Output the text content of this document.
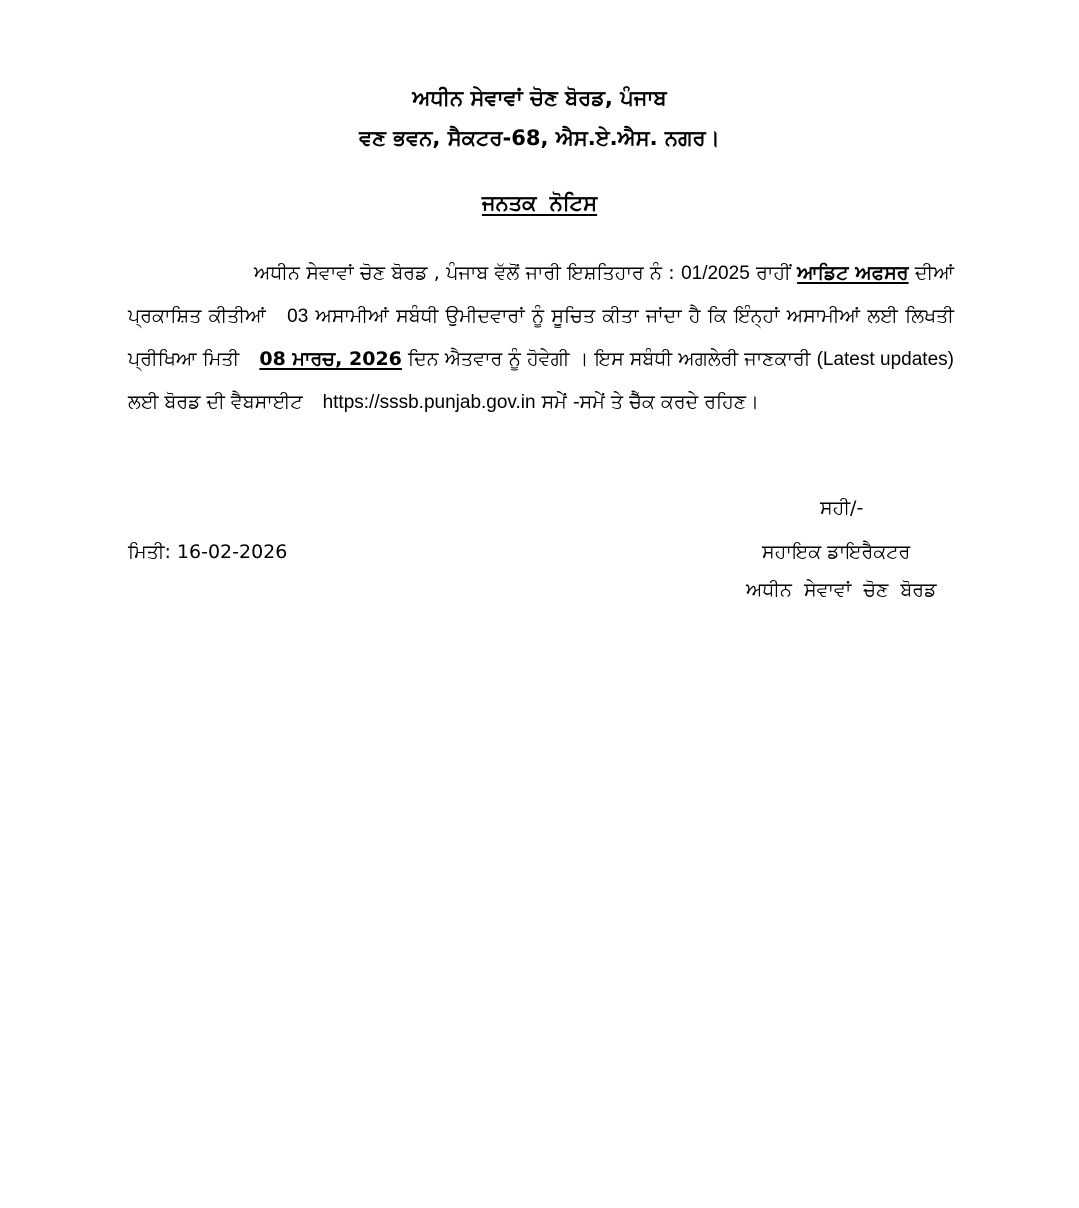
ਅਧੀਨ ਸੇਵਾਵਾਂ ਚੋਣ ਬੋਰਡ, ਪੰਜਾਬ
ਵਣ ਭਵਨ, ਸੈਕਟਰ-68, ਐਸ.ਏ.ਐਸ. ਨਗਰ।
ਜਨਤਕ ਨੋਟਿਸ
ਅਧੀਨ ਸੇਵਾਵਾਂ ਚੋਣ ਬੋਰਡ , ਪੰਜਾਬ ਵੱਲੋਂ ਜਾਰੀ ਇਸ਼ਤਿਹਾਰ ਨੰ : 01/2025 ਰਾਹੀਂ ਆਡਿਟ ਅਫਸਰ ਦੀਆਂ ਪ੍ਰਕਾਸ਼ਿਤ ਕੀਤੀਆਂ 03 ਅਸਾਮੀਆਂ ਸਬੰਧੀ ਉਮੀਦਵਾਰਾਂ ਨੂੰ ਸੂਚਿਤ ਕੀਤਾ ਜਾਂਦਾ ਹੈ ਕਿ ਇੰਨ੍ਹਾਂ ਅਸਾਮੀਆਂ ਲਈ ਲਿਖਤੀ ਪ੍ਰੀਖਿਆ ਮਿਤੀ 08 ਮਾਰਚ, 2026 ਦਿਨ ਐਤਵਾਰ ਨੂੰ ਹੋਵੇਗੀ । ਇਸ ਸਬੰਧੀ ਅਗਲੇਰੀ ਜਾਣਕਾਰੀ (Latest updates) ਲਈ ਬੋਰਡ ਦੀ ਵੈਬਸਾਈਟ https://sssb.punjab.gov.in ਸਮੇਂ -ਸਮੇਂ ਤੇ ਚੈੱਕ ਕਰਦੇ ਰਹਿਣ।
ਸਹੀ/-
ਮਿਤੀ: 16-02-2026	ਸਹਾਇਕ ਡਾਇਰੈਕਟਰ
ਅਧੀਨ ਸੇਵਾਵਾਂ ਚੋਣ ਬੋਰਡ
